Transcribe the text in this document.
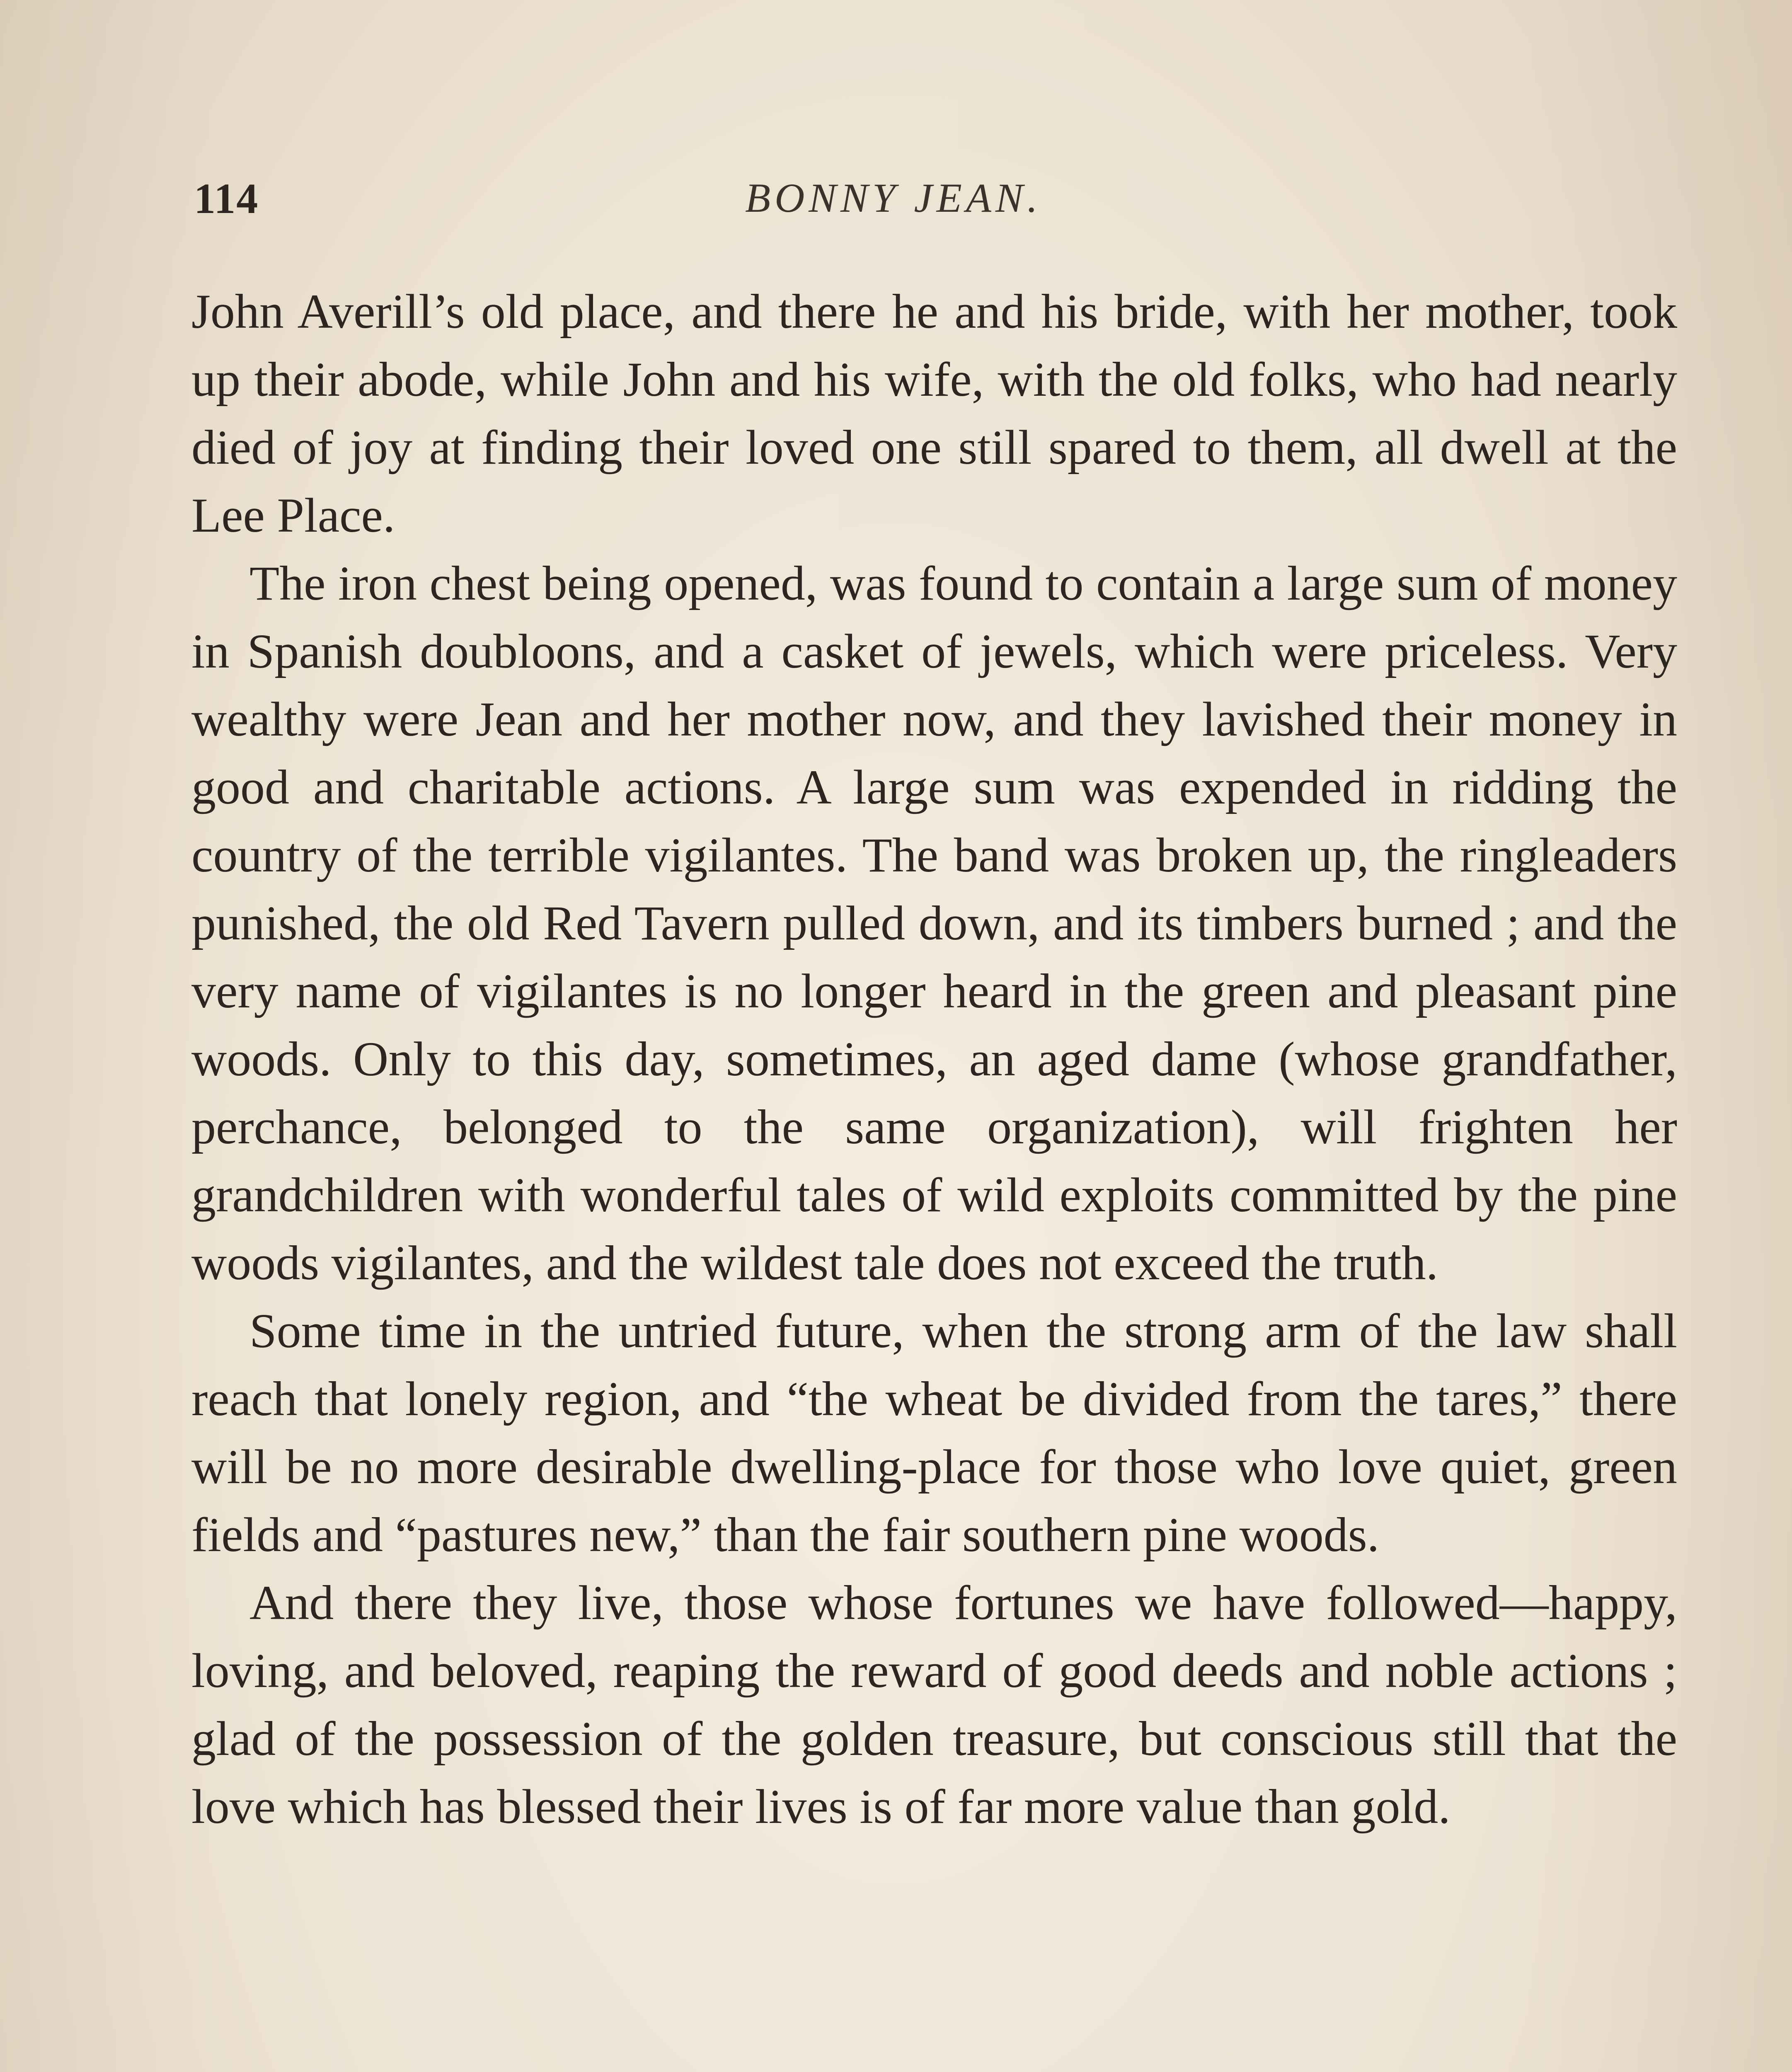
114	BONNY JEAN.

John Averill’s old place, and there he and his bride, with her mother, took up their abode, while John and his wife, with the old folks, who had nearly died of joy at finding their loved one still spared to them, all dwell at the Lee Place.

The iron chest being opened, was found to contain a large sum of money in Spanish doubloons, and a casket of jewels, which were priceless. Very wealthy were Jean and her mother now, and they lavished their money in good and charitable actions. A large sum was expended in ridding the country of the terrible vigilantes. The band was broken up, the ringleaders punished, the old Red Tavern pulled down, and its timbers burned ; and the very name of vigilantes is no longer heard in the green and pleasant pine woods. Only to this day, sometimes, an aged dame (whose grandfather, perchance, belonged to the same organization), will frighten her grandchildren with wonderful tales of wild exploits committed by the pine woods vigilantes, and the wildest tale does not exceed the truth.

Some time in the untried future, when the strong arm of the law shall reach that lonely region, and “the wheat be divided from the tares,” there will be no more desirable dwelling-place for those who love quiet, green fields and “pastures new,” than the fair southern pine woods.

And there they live, those whose fortunes we have followed—happy, loving, and beloved, reaping the reward of good deeds and noble actions ; glad of the possession of the golden treasure, but conscious still that the love which has blessed their lives is of far more value than gold.
